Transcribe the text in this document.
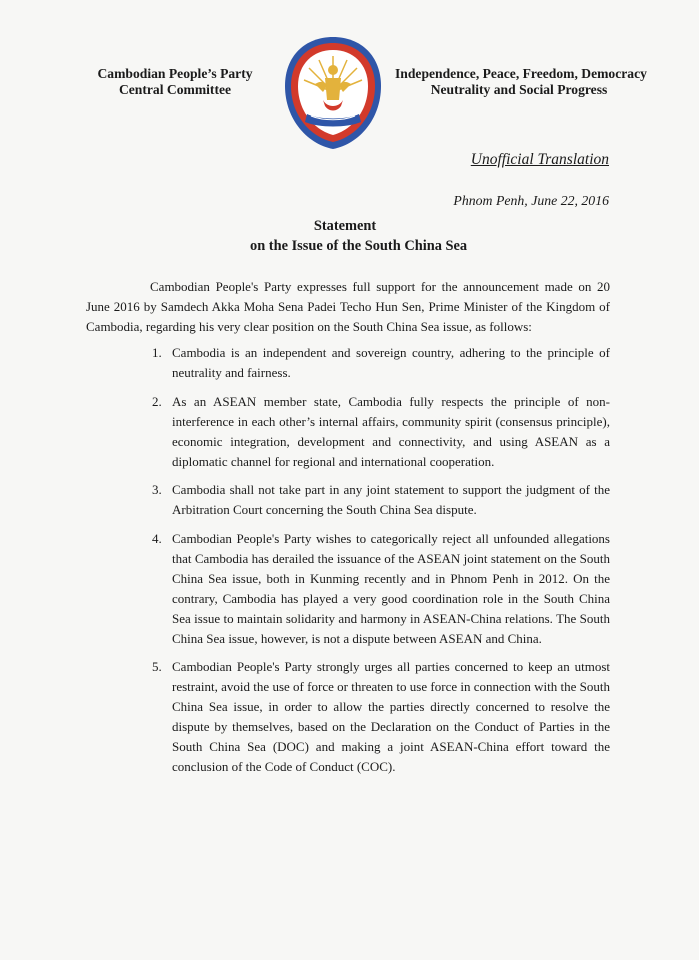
Cambodian People’s Party
Central Committee
Independence, Peace, Freedom, Democracy
Neutrality and Social Progress
Unofficial Translation
Phnom Penh, June 22, 2016
Statement
on the Issue of the South China Sea

Cambodian People's Party expresses full support for the announcement made on 20 June 2016 by Samdech Akka Moha Sena Padei Techo Hun Sen, Prime Minister of the Kingdom of Cambodia, regarding his very clear position on the South China Sea issue, as follows:

1. Cambodia is an independent and sovereign country, adhering to the principle of neutrality and fairness.
2. As an ASEAN member state, Cambodia fully respects the principle of non-interference in each other’s internal affairs, community spirit (consensus principle), economic integration, development and connectivity, and using ASEAN as a diplomatic channel for regional and international cooperation.
3. Cambodia shall not take part in any joint statement to support the judgment of the Arbitration Court concerning the South China Sea dispute.
4. Cambodian People's Party wishes to categorically reject all unfounded allegations that Cambodia has derailed the issuance of the ASEAN joint statement on the South China Sea issue, both in Kunming recently and in Phnom Penh in 2012. On the contrary, Cambodia has played a very good coordination role in the South China Sea issue to maintain solidarity and harmony in ASEAN-China relations. The South China Sea issue, however, is not a dispute between ASEAN and China.
5. Cambodian People's Party strongly urges all parties concerned to keep an utmost restraint, avoid the use of force or threaten to use force in connection with the South China Sea issue, in order to allow the parties directly concerned to resolve the dispute by themselves, based on the Declaration on the Conduct of Parties in the South China Sea (DOC) and making a joint ASEAN-China effort toward the conclusion of the Code of Conduct (COC).
